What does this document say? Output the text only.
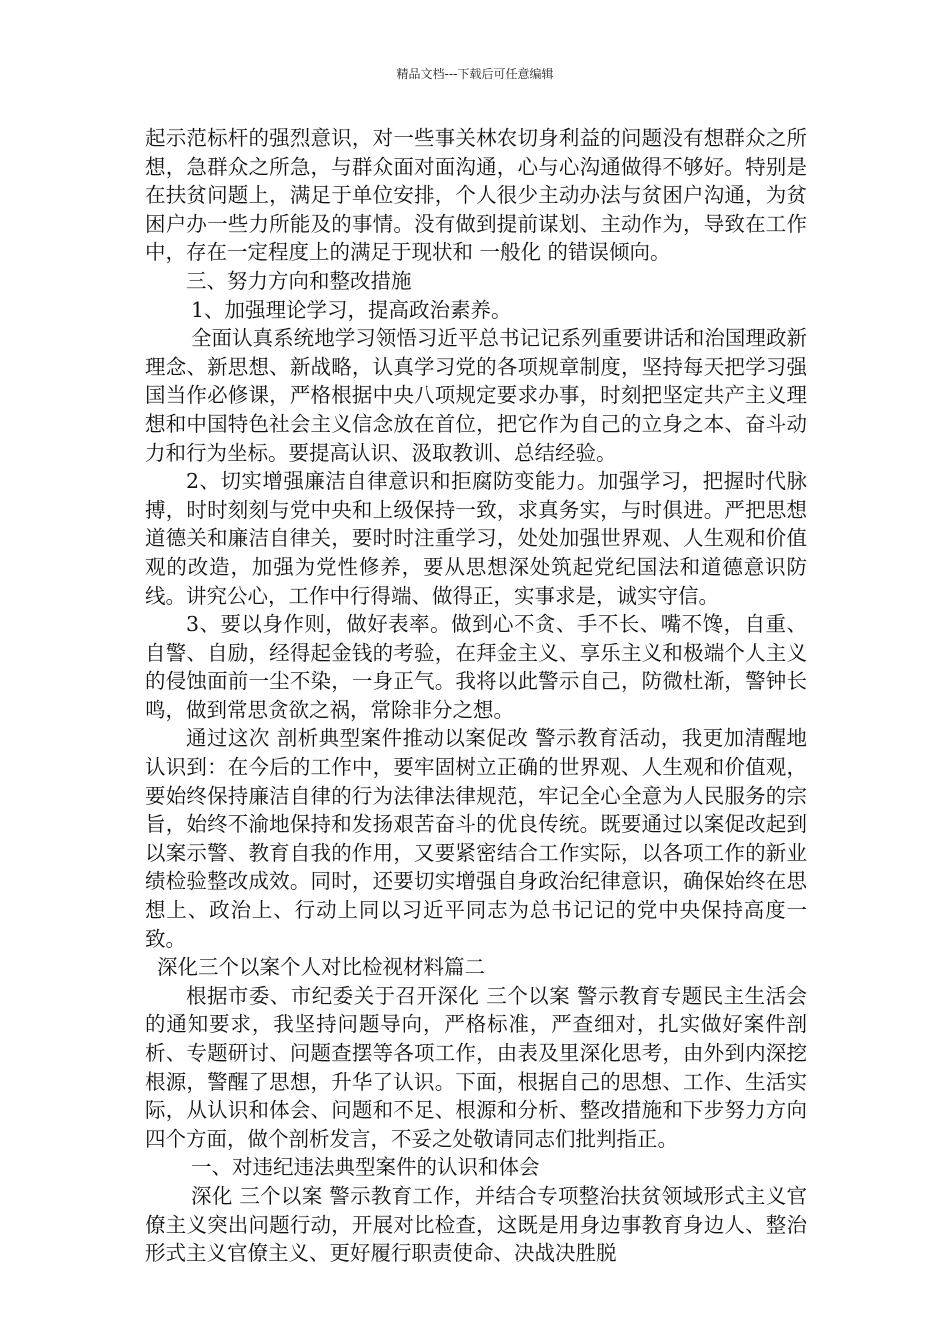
精品文档---下载后可任意编辑

起示范标杆的强烈意识，对一些事关林农切身利益的问题没有想群众之所想，急群众之所急，与群众面对面沟通，心与心沟通做得不够好。特别是在扶贫问题上，满足于单位安排，个人很少主动办法与贫困户沟通，为贫困户办一些力所能及的事情。没有做到提前谋划、主动作为，导致在工作中，存在一定程度上的满足于现状和 一般化 的错误倾向。

三、努力方向和整改措施

1、加强理论学习，提高政治素养。

全面认真系统地学习领悟习近平总书记记系列重要讲话和治国理政新理念、新思想、新战略，认真学习党的各项规章制度，坚持每天把学习强国当作必修课，严格根据中央八项规定要求办事，时刻把坚定共产主义理想和中国特色社会主义信念放在首位，把它作为自己的立身之本、奋斗动力和行为坐标。要提高认识、汲取教训、总结经验。

2、切实增强廉洁自律意识和拒腐防变能力。加强学习，把握时代脉搏，时时刻刻与党中央和上级保持一致，求真务实，与时俱进。严把思想道德关和廉洁自律关，要时时注重学习，处处加强世界观、人生观和价值观的改造，加强为党性修养，要从思想深处筑起党纪国法和道德意识防线。讲究公心，工作中行得端、做得正，实事求是，诚实守信。

3、要以身作则，做好表率。做到心不贪、手不长、嘴不馋，自重、自警、自励，经得起金钱的考验，在拜金主义、享乐主义和极端个人主义的侵蚀面前一尘不染，一身正气。我将以此警示自己，防微杜渐，警钟长鸣，做到常思贪欲之祸，常除非分之想。

通过这次 剖析典型案件推动以案促改 警示教育活动，我更加清醒地认识到：在今后的工作中，要牢固树立正确的世界观、人生观和价值观，要始终保持廉洁自律的行为法律法律规范，牢记全心全意为人民服务的宗旨，始终不渝地保持和发扬艰苦奋斗的优良传统。既要通过以案促改起到以案示警、教育自我的作用，又要紧密结合工作实际，以各项工作的新业绩检验整改成效。同时，还要切实增强自身政治纪律意识，确保始终在思想上、政治上、行动上同以习近平同志为总书记记的党中央保持高度一致。

深化三个以案个人对比检视材料篇二

根据市委、市纪委关于召开深化 三个以案 警示教育专题民主生活会的通知要求，我坚持问题导向，严格标准，严查细对，扎实做好案件剖析、专题研讨、问题查摆等各项工作，由表及里深化思考，由外到内深挖根源，警醒了思想，升华了认识。下面，根据自己的思想、工作、生活实际，从认识和体会、问题和不足、根源和分析、整改措施和下步努力方向四个方面，做个剖析发言，不妥之处敬请同志们批判指正。

一、对违纪违法典型案件的认识和体会

深化 三个以案 警示教育工作，并结合专项整治扶贫领域形式主义官僚主义突出问题行动，开展对比检查，这既是用身边事教育身边人、整治形式主义官僚主义、更好履行职责使命、决战决胜脱
